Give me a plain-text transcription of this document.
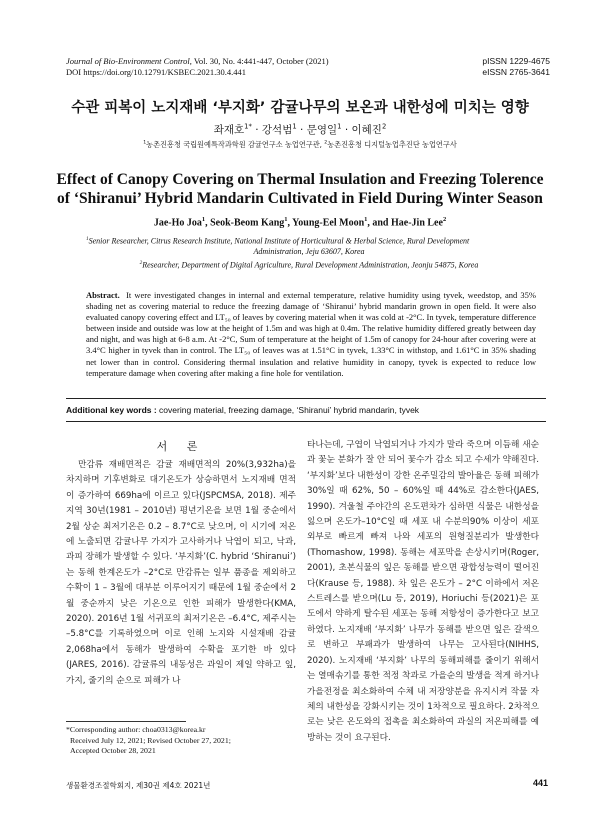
Journal of Bio-Environment Control, Vol. 30, No. 4:441-447, October (2021)
DOI https://doi.org/10.12791/KSBEC.2021.30.4.441
pISSN 1229-4675
eISSN 2765-3641
수관 피복이 노지재배 ‘부지화’ 감귤나무의 보온과 내한성에 미치는 영향
좌재호$^{1*}$ · 강석범$^1$ · 문영일$^1$ · 이혜진$^2$
$^1$농촌진흥청 국립원예특작과학원 감귤연구소 농업연구관, $^2$농촌진흥청 디지털농업추진단 농업연구사
Effect of Canopy Covering on Thermal Insulation and Freezing Tolerence
of ‘Shiranui’ Hybrid Mandarin Cultivated in Field During Winter Season
Jae-Ho Joa$^1$, Seok-Beom Kang$^1$, Young-Eel Moon$^1$, and Hae-Jin Lee$^2$
$^1$Senior Researcher, Citrus Research Institute, National Institute of Horticultural & Herbal Science, Rural Development
Administration, Jeju 63607, Korea
$^2$Researcher, Department of Digital Agriculture, Rural Development Administration, Jeonju 54875, Korea
Abstract. It were investigated changes in internal and external temperature, relative humidity using tyvek, weedstop, and 35% shading net as covering material to reduce the freezing damage of ‘Shiranui’ hybrid mandarin grown in open field. It were also evaluated canopy covering effect and LT₅₀ of leaves by covering material when it was cold at -2°C. In tyvek, temperature difference between inside and outside was low at the height of 1.5m and was high at 0.4m. The relative humidity differed greatly between day and night, and was high at 6-8 a.m. At -2°C, Sum of temperature at the height of 1.5m of canopy for 24-hour after covering were at 3.4°C higher in tyvek than in control. The LT₅₀ of leaves was at 1.51°C in tyvek, 1.33°C in withstop, and 1.61°C in 35% shading net lower than in control. Considering thermal insulation and relative humidity in canopy, tyvek is expected to reduce low temperature damage when covering after making a fine hole for ventilation.
Additional key words : covering material, freezing damage, ‘Shiranui’ hybrid mandarin, tyvek
서 론

만감류 재배면적은 감귤 재배면적의 20%(3,932ha)을 차지하며 기후변화로 대기온도가 상승하면서 노지재배 면적이 증가하여 669ha에 이르고 있다(JSPCMSA, 2018). 제주지역 30년(1981 – 2010년) 평년기온을 보면 1월 중순에서 2월 상순 최저기온은 0.2 – 8.7°C로 낮으며, 이 시기에 저온에 노출되면 감귤나무 가지가 고사하거나 낙엽이 되고, 낙과, 과피 장해가 발생할 수 있다. ‘부지화’(C. hybrid ‘Shiranui’)는 동해 한계온도가 –2°C로 만감류는 일부 품종을 제외하고 수확이 1 – 3월에 대부분 이루어지기 때문에 1월 중순에서 2월 중순까지 낮은 기온으로 인한 피해가 발생한다(KMA, 2020). 2016년 1월 서귀포의 최저기온은 –6.4°C, 제주시는 –5.8°C를 기록하였으며 이로 인해 노지와 시설재배 감귤 2,068ha에서 동해가 발생하여 수확을 포기한 바 있다(JARES, 2016). 감귤류의 내동성은 과일이 제일 약하고 잎, 가지, 줄기의 순으로 피해가 나

타나는데, 구엽이 낙엽되거나 가지가 말라 죽으며 이듬해 새순과 꽃눈 분화가 잘 안 되어 꽃수가 감소 되고 수세가 약해진다. ‘부지화’보다 내한성이 강한 온주밀감의 발아율은 동해 피해가 30%일 때 62%, 50 – 60%일 때 44%로 감소한다(JAES, 1990). 겨울철 주야간의 온도편차가 심하면 식물은 내한성을 잃으며 온도가–10°C일 때 세포 내 수분의90% 이상이 세포 외부로 빠르게 빠져 나와 세포의 원형질분리가 발생한다(Thomashow, 1998). 동해는 세포막을 손상시키며(Roger, 2001), 초본식물의 잎은 동해를 받으면 광합성능력이 떨어진다(Krause 등, 1988). 차 잎은 온도가 – 2°C 이하에서 저온 스트레스를 받으며(Lu 등, 2019), Horiuchi 등(2021)은 포도에서 약하게 탈수된 세포는 동해 저항성이 증가한다고 보고하였다. 노지재배 ‘부지화’ 나무가 동해를 받으면 잎은 갈색으로 변하고 부패과가 발생하여 나무는 고사된다(NIHHS, 2020). 노지재배 ‘부지화’ 나무의 동해피해를 줄이기 위해서는 열매솎기를 통한 적정 착과로 가을순의 발생을 적게 하거나 가을전정을 최소화하여 수체 내 저장양분을 유지시켜 작물 자체의 내한성을 강화시키는 것이 1차적으로 필요하다. 2차적으로는 낮은 온도와의 접촉을 최소화하여 과실의 저온피해를 예방하는 것이 요구된다.

*Corresponding author: choa0313@korea.kr
Received July 12, 2021; Revised October 27, 2021;
Accepted October 28, 2021
생물환경조절학회지, 제30권 제4호 2021년	441
